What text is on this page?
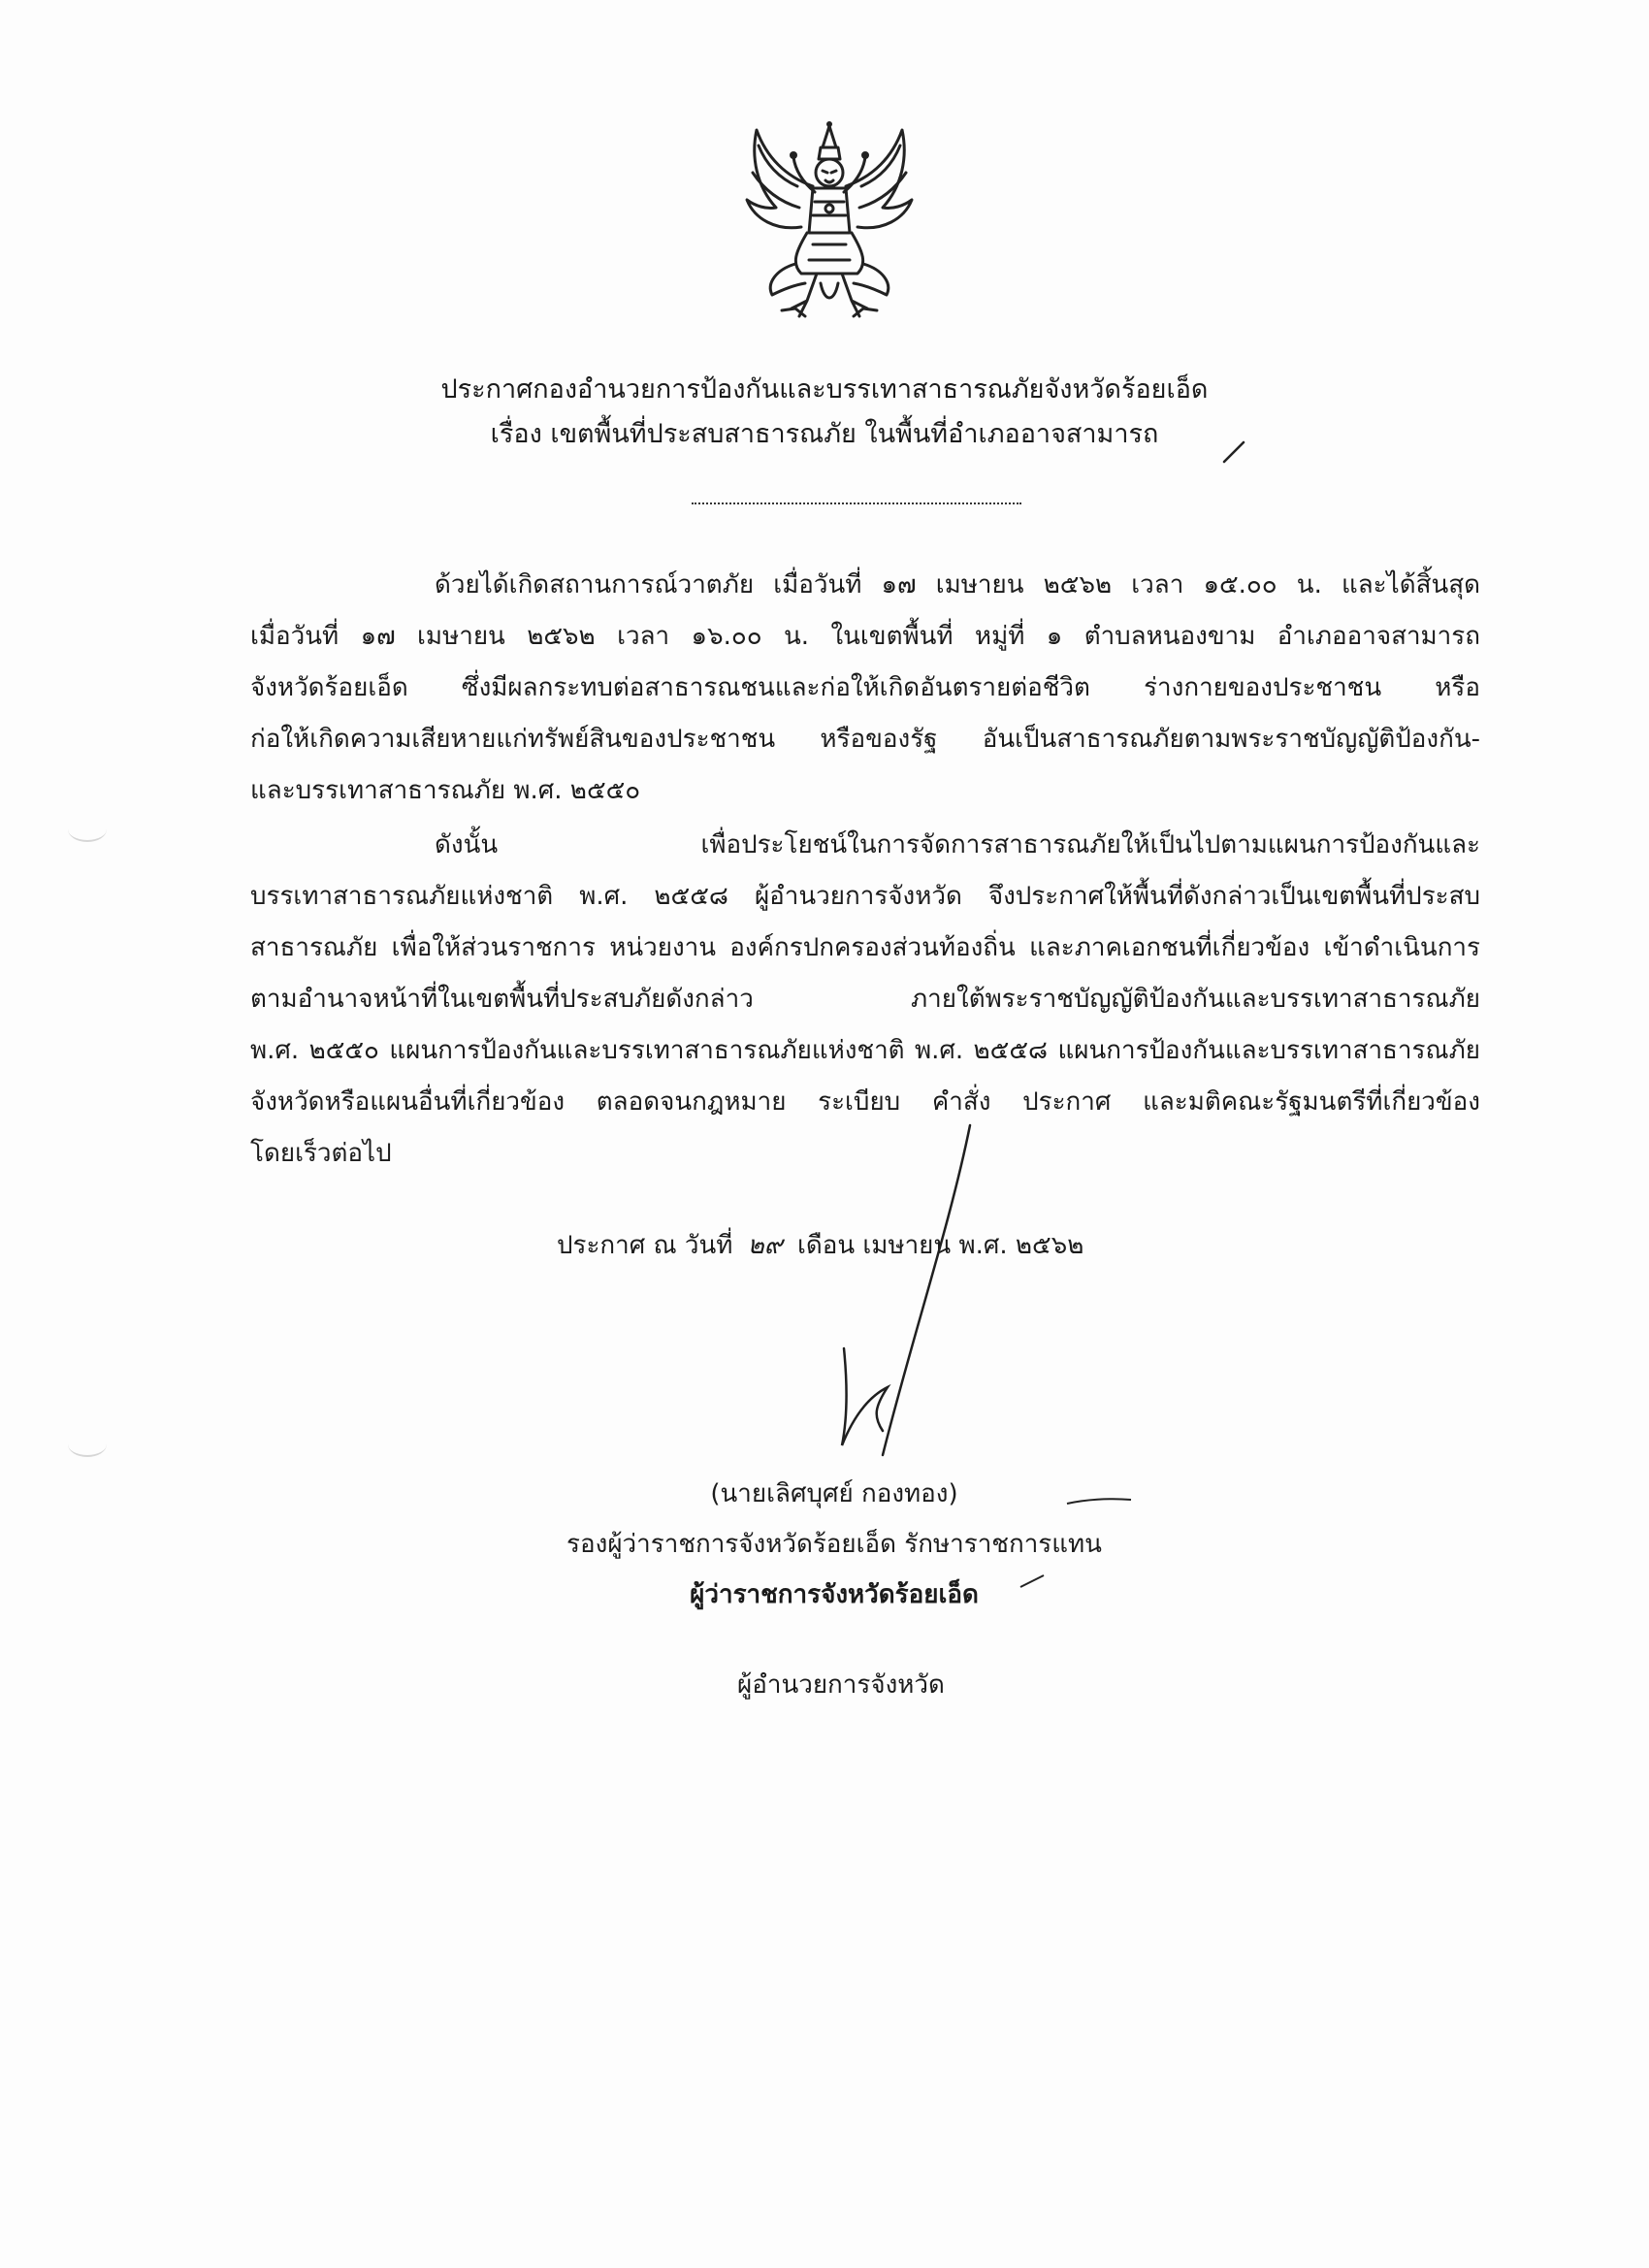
ประกาศกองอำนวยการป้องกันและบรรเทาสาธารณภัยจังหวัดร้อยเอ็ด
เรื่อง เขตพื้นที่ประสบสาธารณภัย ในพื้นที่อำเภออาจสามารถ
ด้วยได้เกิดสถานการณ์วาตภัย เมื่อวันที่ ๑๗ เมษายน ๒๕๖๒ เวลา ๑๕.๐๐ น. และได้สิ้นสุด
เมื่อวันที่ ๑๗ เมษายน ๒๕๖๒ เวลา ๑๖.๐๐ น. ในเขตพื้นที่ หมู่ที่ ๑ ตำบลหนองขาม อำเภออาจสามารถ
จังหวัดร้อยเอ็ด ซึ่งมีผลกระทบต่อสาธารณชนและก่อให้เกิดอันตรายต่อชีวิต ร่างกายของประชาชน หรือ
ก่อให้เกิดความเสียหายแก่ทรัพย์สินของประชาชน หรือของรัฐ อันเป็นสาธารณภัยตามพระราชบัญญัติป้องกัน-
และบรรเทาสาธารณภัย พ.ศ. ๒๕๕๐
ดังนั้น เพื่อประโยชน์ในการจัดการสาธารณภัยให้เป็นไปตามแผนการป้องกันและ
บรรเทาสาธารณภัยแห่งชาติ พ.ศ. ๒๕๕๘ ผู้อำนวยการจังหวัด จึงประกาศให้พื้นที่ดังกล่าวเป็นเขตพื้นที่ประสบ
สาธารณภัย เพื่อให้ส่วนราชการ หน่วยงาน องค์กรปกครองส่วนท้องถิ่น และภาคเอกชนที่เกี่ยวข้อง เข้าดำเนินการ
ตามอำนาจหน้าที่ในเขตพื้นที่ประสบภัยดังกล่าว ภายใต้พระราชบัญญัติป้องกันและบรรเทาสาธารณภัย
พ.ศ. ๒๕๕๐ แผนการป้องกันและบรรเทาสาธารณภัยแห่งชาติ พ.ศ. ๒๕๕๘ แผนการป้องกันและบรรเทาสาธารณภัย
จังหวัดหรือแผนอื่นที่เกี่ยวข้อง ตลอดจนกฎหมาย ระเบียบ คำสั่ง ประกาศ และมติคณะรัฐมนตรีที่เกี่ยวข้อง
โดยเร็วต่อไป
ประกาศ ณ วันที่ ๒๙ เดือน เมษายน พ.ศ. ๒๕๖๒
(นายเลิศบุศย์ กองทอง)
รองผู้ว่าราชการจังหวัดร้อยเอ็ด รักษาราชการแทน
ผู้ว่าราชการจังหวัดร้อยเอ็ด
ผู้อำนวยการจังหวัด
